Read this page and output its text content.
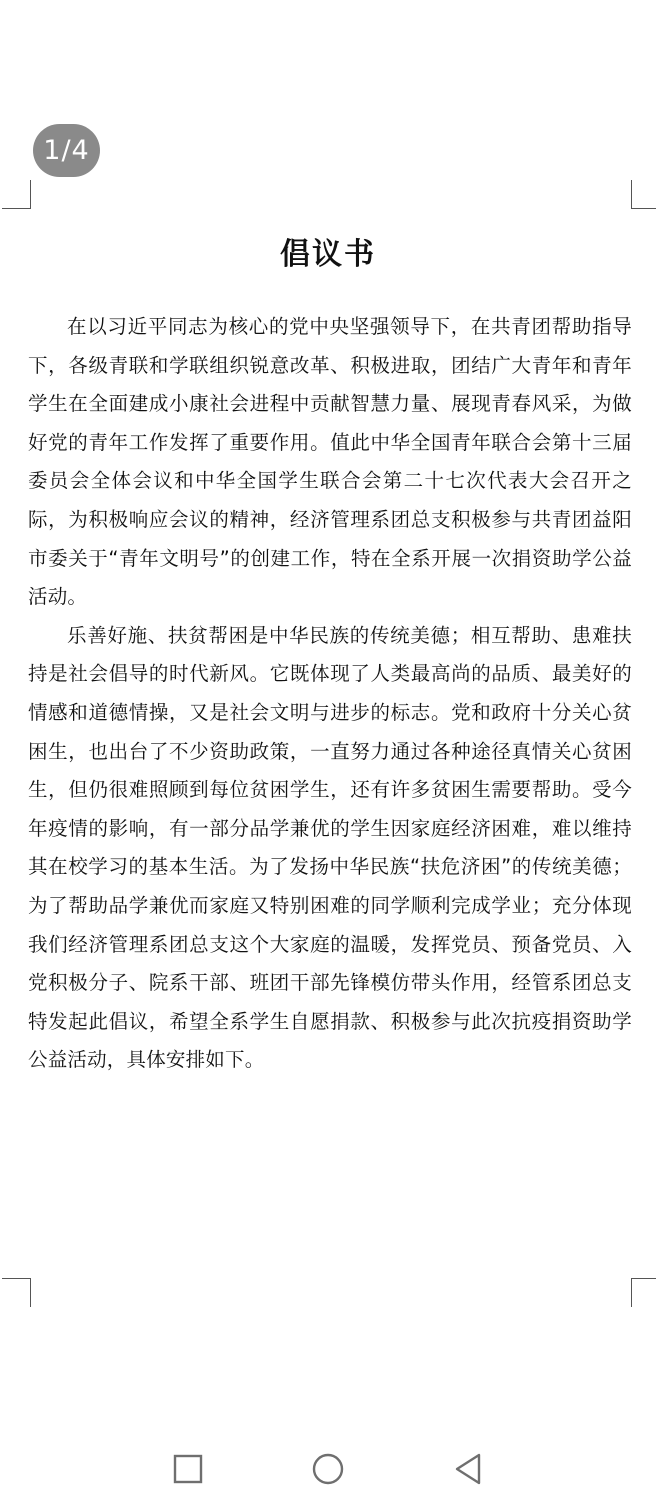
1/4
倡议书

在以习近平同志为核心的党中央坚强领导下，在共青团帮助指导下，各级青联和学联组织锐意改革、积极进取，团结广大青年和青年学生在全面建成小康社会进程中贡献智慧力量、展现青春风采，为做好党的青年工作发挥了重要作用。值此中华全国青年联合会第十三届委员会全体会议和中华全国学生联合会第二十七次代表大会召开之际，为积极响应会议的精神，经济管理系团总支积极参与共青团益阳市委关于“青年文明号”的创建工作，特在全系开展一次捐资助学公益活动。

乐善好施、扶贫帮困是中华民族的传统美德；相互帮助、患难扶持是社会倡导的时代新风。它既体现了人类最高尚的品质、最美好的情感和道德情操，又是社会文明与进步的标志。党和政府十分关心贫困生，也出台了不少资助政策，一直努力通过各种途径真情关心贫困生，但仍很难照顾到每位贫困学生，还有许多贫困生需要帮助。受今年疫情的影响，有一部分品学兼优的学生因家庭经济困难，难以维持其在校学习的基本生活。为了发扬中华民族“扶危济困”的传统美德；为了帮助品学兼优而家庭又特别困难的同学顺利完成学业；充分体现我们经济管理系团总支这个大家庭的温暖，发挥党员、预备党员、入党积极分子、院系干部、班团干部先锋模仿带头作用，经管系团总支特发起此倡议，希望全系学生自愿捐款、积极参与此次抗疫捐资助学公益活动，具体安排如下。
